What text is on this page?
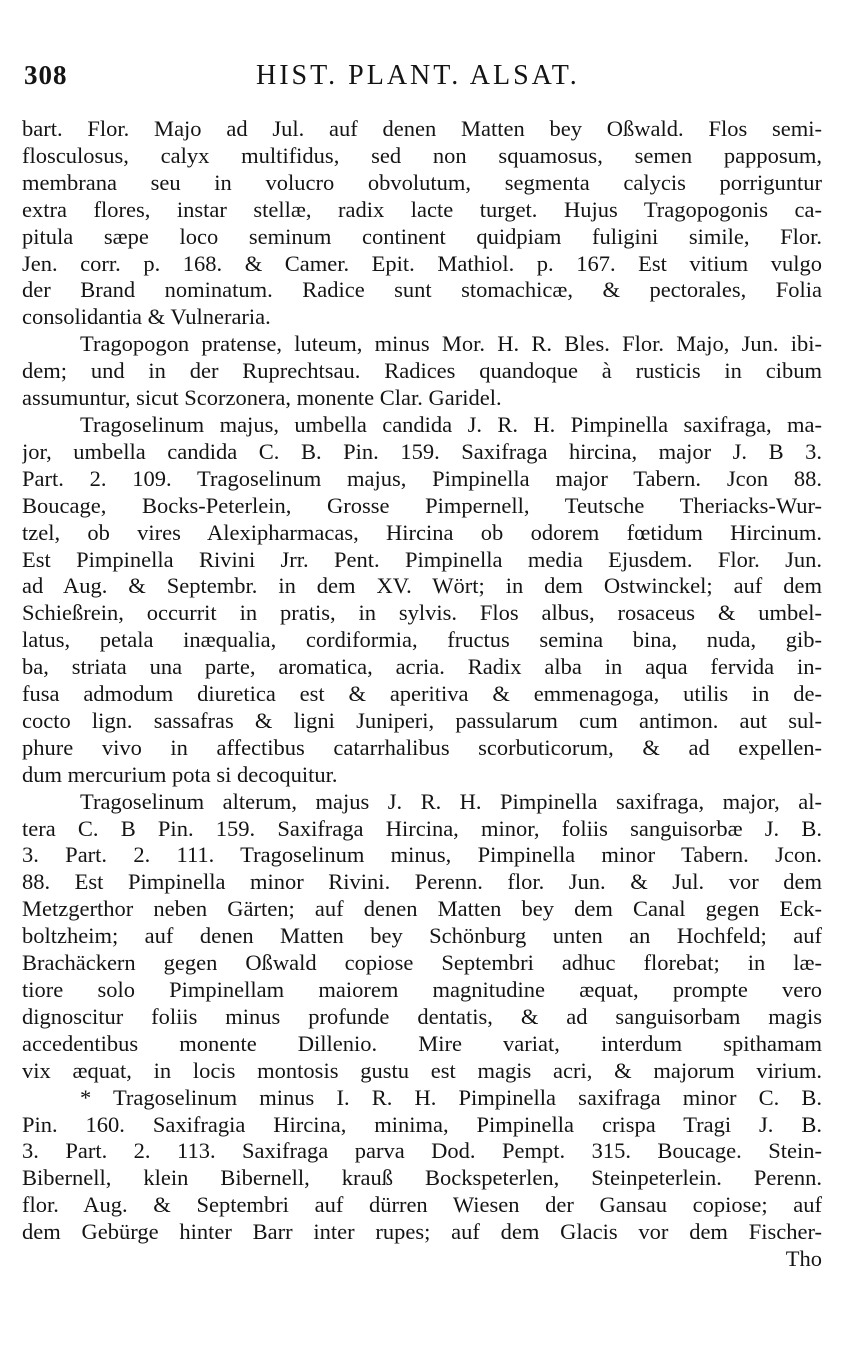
308	HIST. PLANT. ALSAT.
bart. Flor. Majo ad Jul. auf denen Matten bey Oßwald. Flos semi-
flosculosus, calyx multifidus, sed non squamosus, semen papposum,
membrana seu in volucro obvolutum, segmenta calycis porriguntur
extra flores, instar stellæ, radix lacte turget. Hujus Tragopogonis ca-
pitula sæpe loco seminum continent quidpiam fuligini simile, Flor.
Jen. corr. p. 168. & Camer. Epit. Mathiol. p. 167. Est vitium vulgo
der Brand nominatum. Radice sunt stomachicæ, & pectorales, Folia
consolidantia & Vulneraria.
Tragopogon pratense, luteum, minus Mor. H. R. Bles. Flor. Majo, Jun. ibi-
dem; und in der Ruprechtsau. Radices quandoque à rusticis in cibum
assumuntur, sicut Scorzonera, monente Clar. Garidel.
Tragoselinum majus, umbella candida J. R. H. Pimpinella saxifraga, ma-
jor, umbella candida C. B. Pin. 159. Saxifraga hircina, major J. B 3.
Part. 2. 109. Tragoselinum majus, Pimpinella major Tabern. Jcon 88.
Boucage, Bocks-Peterlein, Grosse Pimpernell, Teutsche Theriacks-Wur-
tzel, ob vires Alexipharmacas, Hircina ob odorem fœtidum Hircinum.
Est Pimpinella Rivini Jrr. Pent. Pimpinella media Ejusdem. Flor. Jun.
ad Aug. & Septembr. in dem XV. Wört; in dem Ostwinckel; auf dem
Schießrein, occurrit in pratis, in sylvis. Flos albus, rosaceus & umbel-
latus, petala inæqualia, cordiformia, fructus semina bina, nuda, gib-
ba, striata una parte, aromatica, acria. Radix alba in aqua fervida in-
fusa admodum diuretica est & aperitiva & emmenagoga, utilis in de-
cocto lign. sassafras & ligni Juniperi, passularum cum antimon. aut sul-
phure vivo in affectibus catarrhalibus scorbuticorum, & ad expellen-
dum mercurium pota si decoquitur.
Tragoselinum alterum, majus J. R. H. Pimpinella saxifraga, major, al-
tera C. B Pin. 159. Saxifraga Hircina, minor, foliis sanguisorbæ J. B.
3. Part. 2. 111. Tragoselinum minus, Pimpinella minor Tabern. Jcon.
88. Est Pimpinella minor Rivini. Perenn. flor. Jun. & Jul. vor dem
Metzgerthor neben Gärten; auf denen Matten bey dem Canal gegen Eck-
boltzheim; auf denen Matten bey Schönburg unten an Hochfeld; auf
Brachäckern gegen Oßwald copiose Septembri adhuc florebat; in læ-
tiore solo Pimpinellam maiorem magnitudine æquat, prompte vero
dignoscitur foliis minus profunde dentatis, & ad sanguisorbam magis
accedentibus monente Dillenio. Mire variat, interdum spithamam
vix æquat, in locis montosis gustu est magis acri, & majorum virium.
* Tragoselinum minus I. R. H. Pimpinella saxifraga minor C. B.
Pin. 160. Saxifragia Hircina, minima, Pimpinella crispa Tragi J. B.
3. Part. 2. 113. Saxifraga parva Dod. Pempt. 315. Boucage. Stein-
Bibernell, klein Bibernell, krauß Bockspeterlen, Steinpeterlein. Perenn.
flor. Aug. & Septembri auf dürren Wiesen der Gansau copiose; auf
dem Gebürge hinter Barr inter rupes; auf dem Glacis vor dem Fischer-
Tho
